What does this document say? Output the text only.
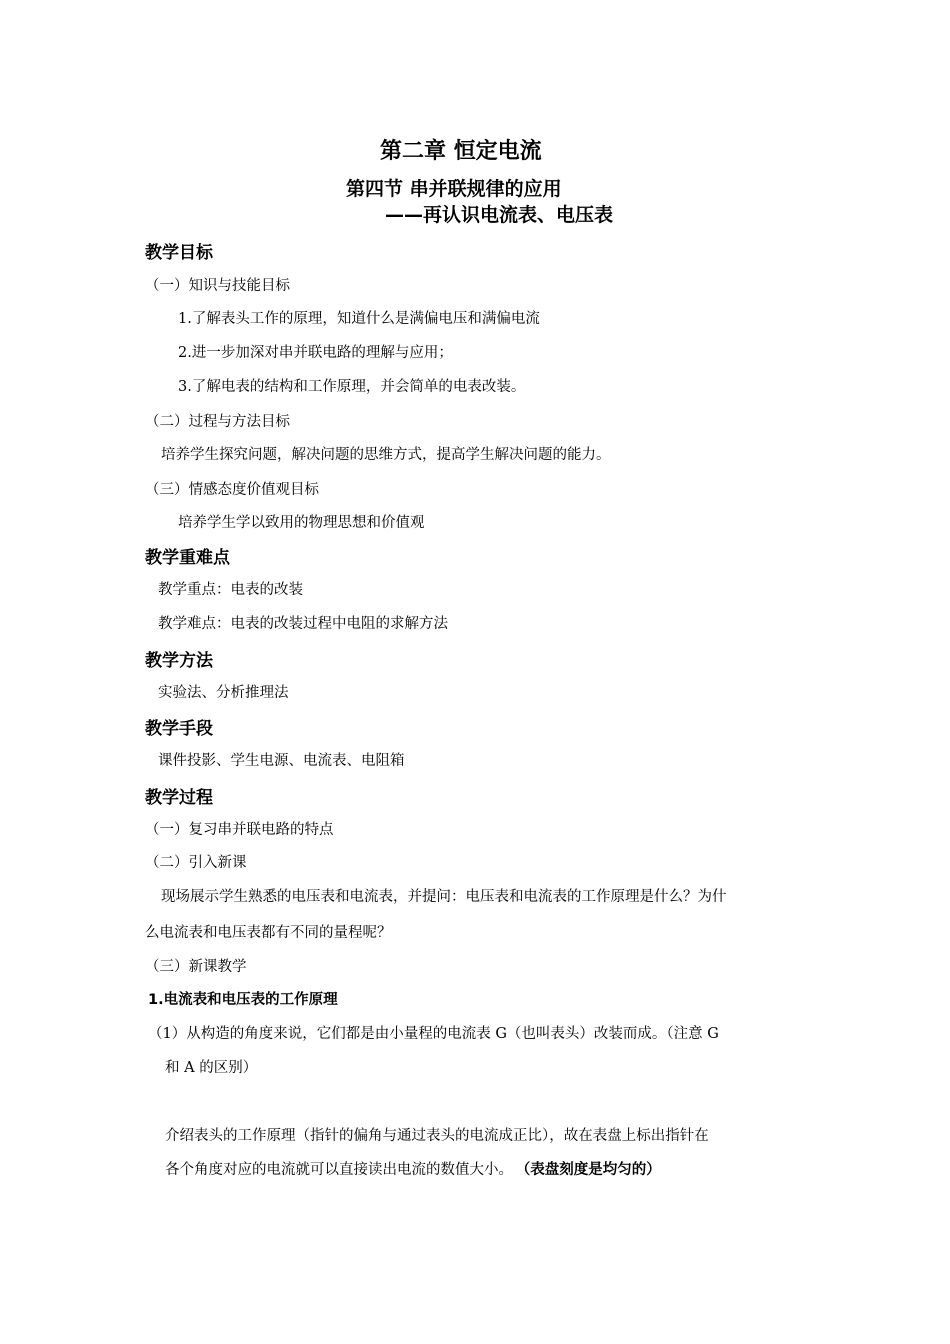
第二章 恒定电流
第四节 串并联规律的应用
——再认识电流表、电压表
教学目标
（一）知识与技能目标
1.了解表头工作的原理，知道什么是满偏电压和满偏电流
2.进一步加深对串并联电路的理解与应用；
3.了解电表的结构和工作原理，并会简单的电表改装。
（二）过程与方法目标
培养学生探究问题，解决问题的思维方式，提高学生解决问题的能力。
（三）情感态度价值观目标
培养学生学以致用的物理思想和价值观
教学重难点
教学重点：电表的改装
教学难点：电表的改装过程中电阻的求解方法
教学方法
实验法、分析推理法
教学手段
课件投影、学生电源、电流表、电阻箱
教学过程
（一）复习串并联电路的特点
（二）引入新课
现场展示学生熟悉的电压表和电流表，并提问：电压表和电流表的工作原理是什么？为什
么电流表和电压表都有不同的量程呢？
（三）新课教学
1.电流表和电压表的工作原理
（1）从构造的角度来说，它们都是由小量程的电流表 G（也叫表头）改装而成。（注意 G
和 A 的区别）
介绍表头的工作原理（指针的偏角与通过表头的电流成正比），故在表盘上标出指针在
各个角度对应的电流就可以直接读出电流的数值大小。 （表盘刻度是均匀的）
